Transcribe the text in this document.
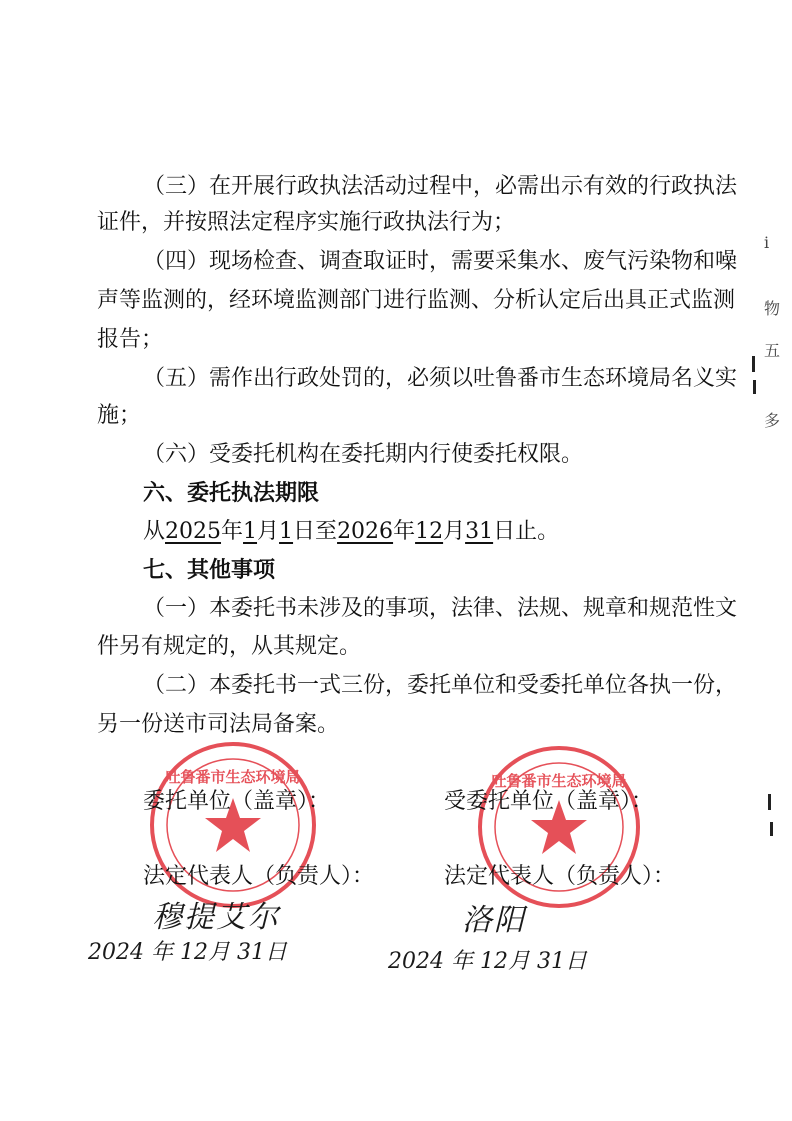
（三）在开展行政执法活动过程中，必需出示有效的行政执法
证件，并按照法定程序实施行政执法行为；
（四）现场检查、调查取证时，需要采集水、废气污染物和噪
声等监测的，经环境监测部门进行监测、分析认定后出具正式监测
报告；
（五）需作出行政处罚的，必须以吐鲁番市生态环境局名义实
施；
（六）受委托机构在委托期内行使委托权限。
六、委托执法期限
从2025年1月1日至2026年12月31日止。
七、其他事项
（一）本委托书未涉及的事项，法律、法规、规章和规范性文
件另有规定的，从其规定。
（二）本委托书一式三份，委托单位和受委托单位各执一份，
另一份送市司法局备案。
吐鲁番市生态环境局	吐鲁番市生态环境局
委托单位（盖章）：	受委托单位（盖章）：
法定代表人（负责人）：	法定代表人（负责人）：
穆提艾尔	洛阳
2024 年 12月 31日	2024 年 12月 31日
i
物
五
多
